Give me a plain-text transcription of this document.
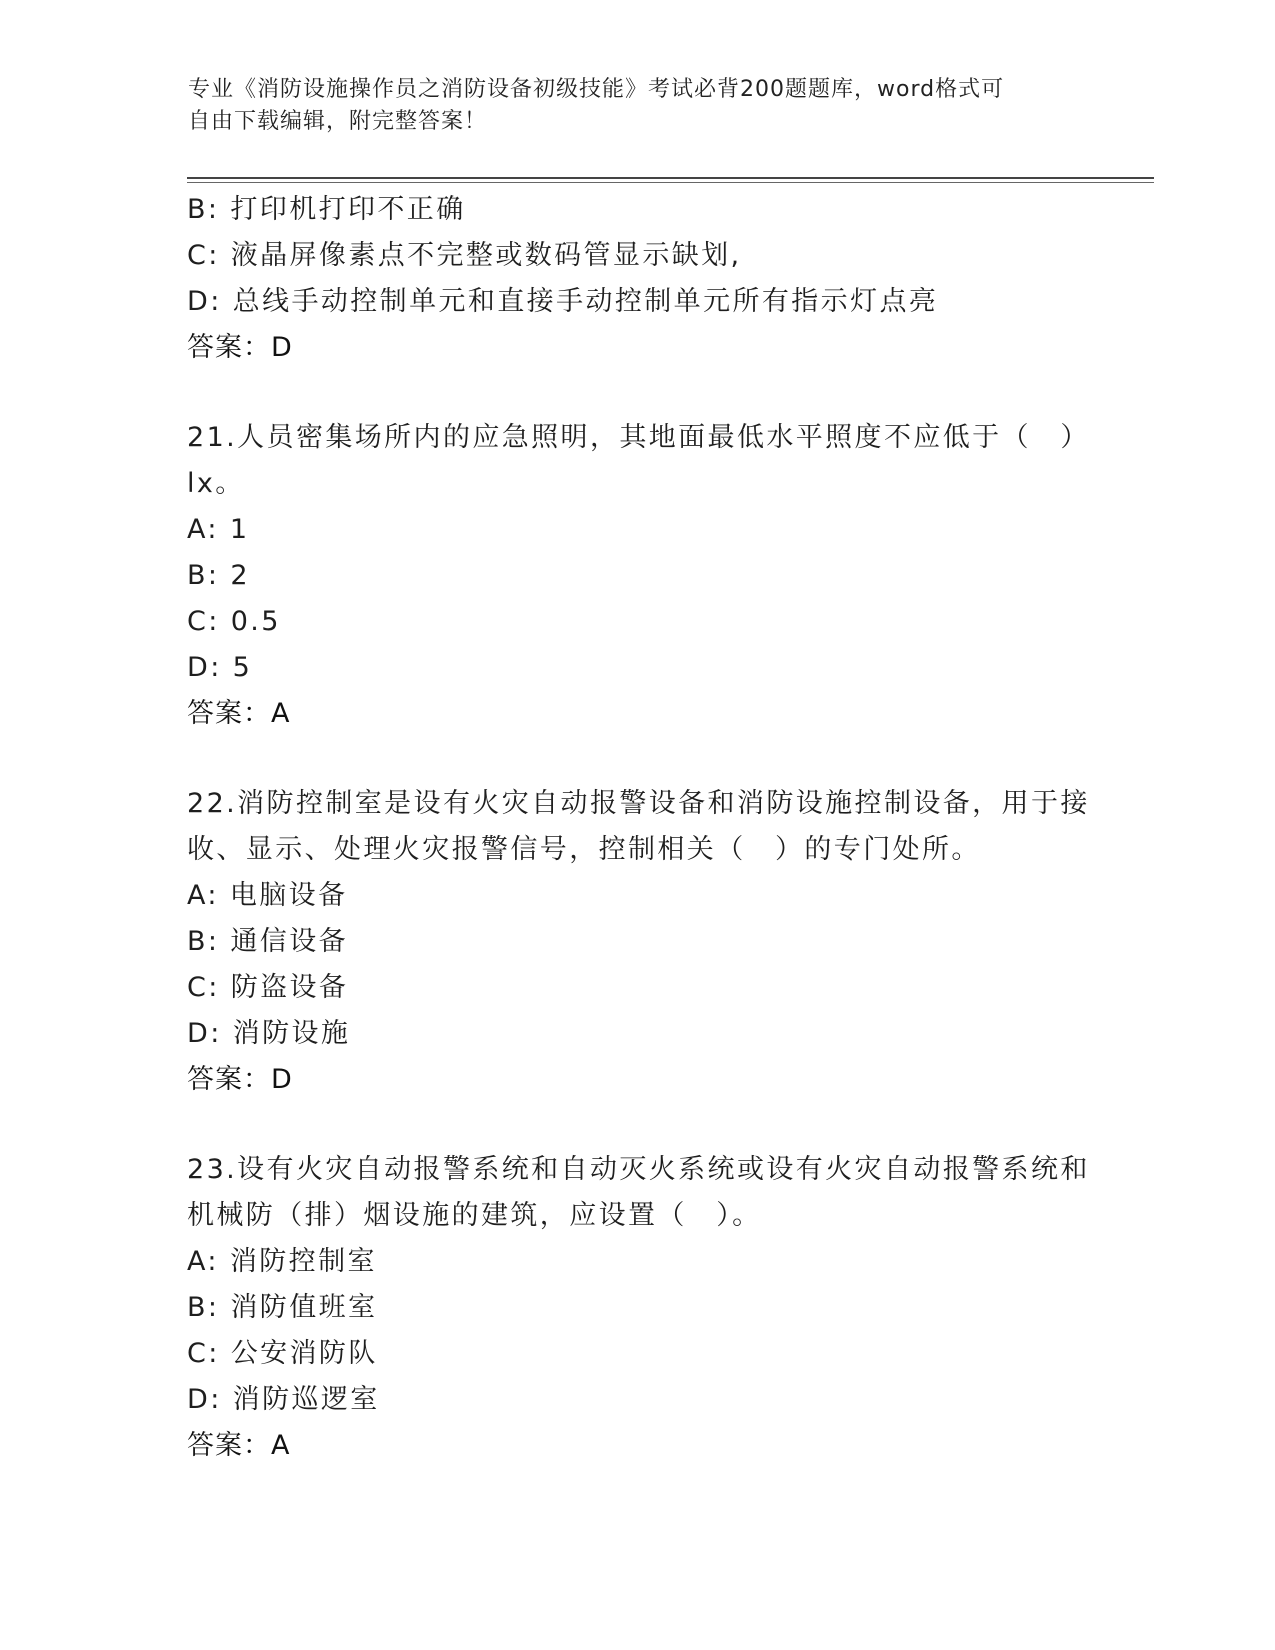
专业《消防设施操作员之消防设备初级技能》考试必背200题题库，word格式可
自由下载编辑，附完整答案！
B: 打印机打印不正确
C: 液晶屏像素点不完整或数码管显示缺划,
D: 总线手动控制单元和直接手动控制单元所有指示灯点亮
答案：D
21.人员密集场所内的应急照明，其地面最低水平照度不应低于（　）
lx。
A: 1
B: 2
C: 0.5
D: 5
答案：A
22.消防控制室是设有火灾自动报警设备和消防设施控制设备，用于接
收、显示、处理火灾报警信号，控制相关（　）的专门处所。
A: 电脑设备
B: 通信设备
C: 防盗设备
D: 消防设施
答案：D
23.设有火灾自动报警系统和自动灭火系统或设有火灾自动报警系统和
机械防（排）烟设施的建筑，应设置（　）。
A: 消防控制室
B: 消防值班室
C: 公安消防队
D: 消防巡逻室
答案：A
